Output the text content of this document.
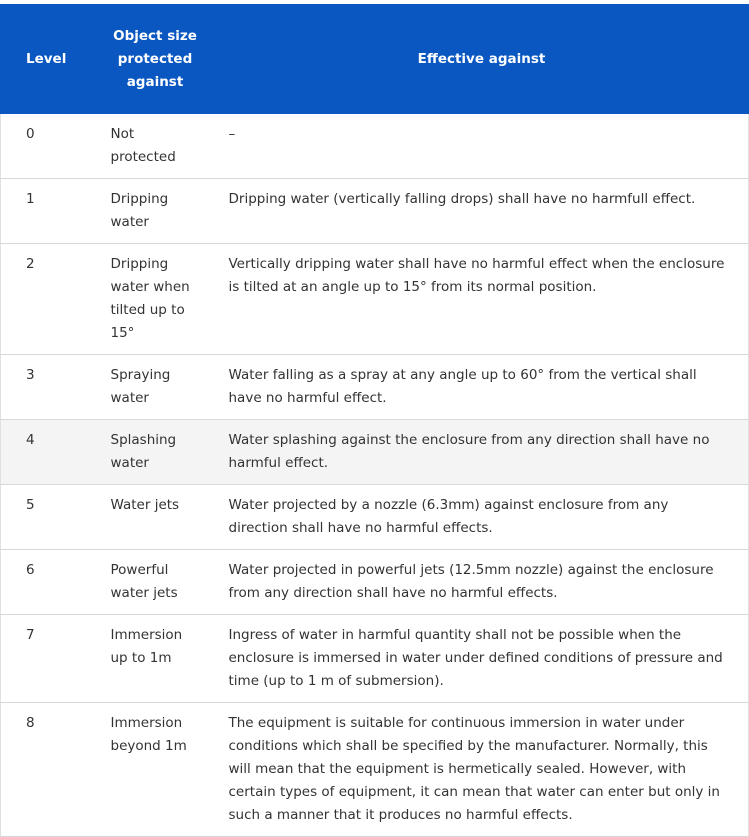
Level	Object size protected against	Effective against
0	Not protected	–
1	Dripping water	Dripping water (vertically falling drops) shall have no harmfull effect.
2	Dripping water when tilted up to 15°	Vertically dripping water shall have no harmful effect when the enclosure is tilted at an angle up to 15° from its normal position.
3	Spraying water	Water falling as a spray at any angle up to 60° from the vertical shall have no harmful effect.
4	Splashing water	Water splashing against the enclosure from any direction shall have no harmful effect.
5	Water jets	Water projected by a nozzle (6.3mm) against enclosure from any direction shall have no harmful effects.
6	Powerful water jets	Water projected in powerful jets (12.5mm nozzle) against the enclosure from any direction shall have no harmful effects.
7	Immersion up to 1m	Ingress of water in harmful quantity shall not be possible when the enclosure is immersed in water under defined conditions of pressure and time (up to 1 m of submersion).
8	Immersion beyond 1m	The equipment is suitable for continuous immersion in water under conditions which shall be specified by the manufacturer. Normally, this will mean that the equipment is hermetically sealed. However, with certain types of equipment, it can mean that water can enter but only in such a manner that it produces no harmful effects.
